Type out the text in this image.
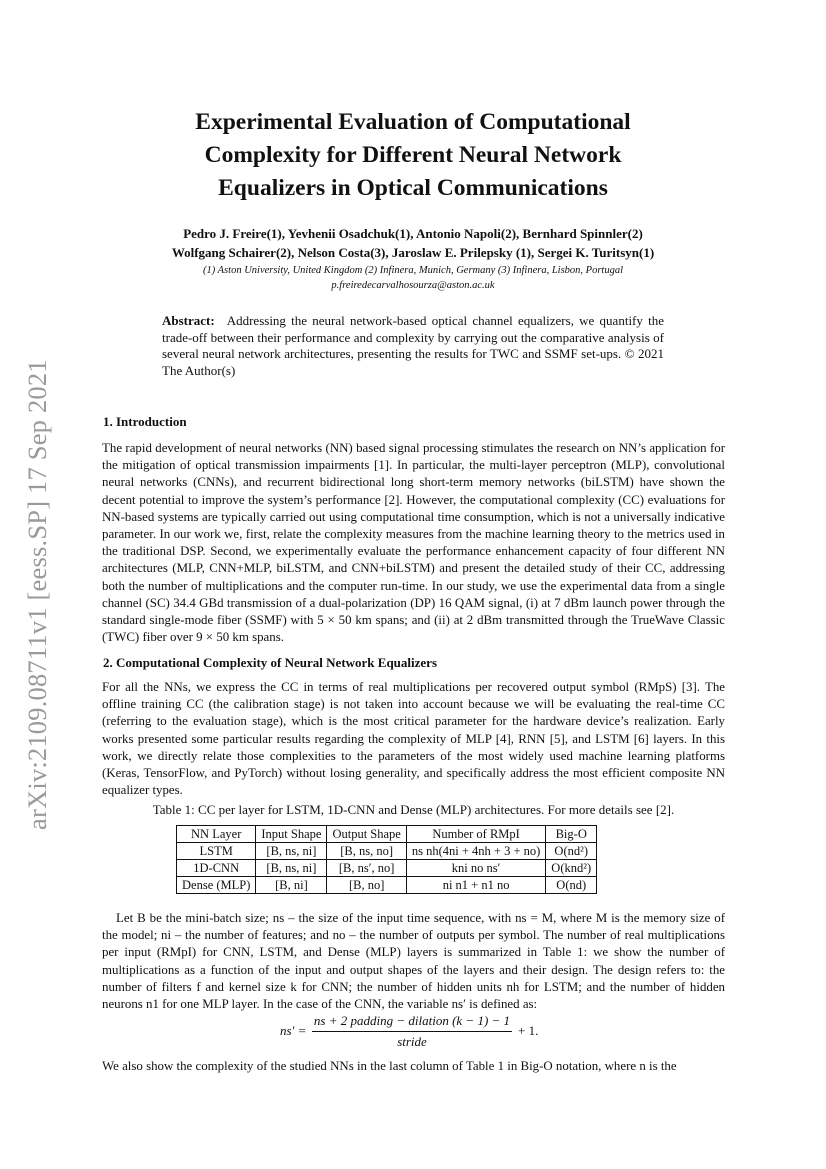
arXiv:2109.08711v1 [eess.SP] 17 Sep 2021
Experimental Evaluation of Computational
Complexity for Different Neural Network
Equalizers in Optical Communications
Pedro J. Freire(1), Yevhenii Osadchuk(1), Antonio Napoli(2), Bernhard Spinnler(2)
Wolfgang Schairer(2), Nelson Costa(3), Jaroslaw E. Prilepsky (1), Sergei K. Turitsyn(1)
(1) Aston University, United Kingdom (2) Infinera, Munich, Germany (3) Infinera, Lisbon, Portugal
p.freiredecarvalhosourza@aston.ac.uk
Abstract: Addressing the neural network-based optical channel equalizers, we quantify the trade-off between their performance and complexity by carrying out the comparative analysis of several neural network architectures, presenting the results for TWC and SSMF set-ups. © 2021 The Author(s)
1. Introduction

The rapid development of neural networks (NN) based signal processing stimulates the research on NN’s application for the mitigation of optical transmission impairments [1]. In particular, the multi-layer perceptron (MLP), convolutional neural networks (CNNs), and recurrent bidirectional long short-term memory networks (biLSTM) have shown the decent potential to improve the system’s performance [2]. However, the computational complexity (CC) evaluations for NN-based systems are typically carried out using computational time consumption, which is not a universally indicative parameter. In our work we, first, relate the complexity measures from the machine learning theory to the metrics used in the traditional DSP. Second, we experimentally evaluate the performance enhancement capacity of four different NN architectures (MLP, CNN+MLP, biLSTM, and CNN+biLSTM) and present the detailed study of their CC, addressing both the number of multiplications and the computer run-time. In our study, we use the experimental data from a single channel (SC) 34.4 GBd transmission of a dual-polarization (DP) 16 QAM signal, (i) at 7 dBm launch power through the standard single-mode fiber (SSMF) with 5 × 50 km spans; and (ii) at 2 dBm transmitted through the TrueWave Classic (TWC) fiber over 9 × 50 km spans.

2. Computational Complexity of Neural Network Equalizers

For all the NNs, we express the CC in terms of real multiplications per recovered output symbol (RMpS) [3]. The offline training CC (the calibration stage) is not taken into account because we will be evaluating the real-time CC (referring to the evaluation stage), which is the most critical parameter for the hardware device’s realization. Early works presented some particular results regarding the complexity of MLP [4], RNN [5], and LSTM [6] layers. In this work, we directly relate those complexities to the parameters of the most widely used machine learning platforms (Keras, TensorFlow, and PyTorch) without losing generality, and specifically address the most efficient composite NN equalizer types.

Table 1: CC per layer for LSTM, 1D-CNN and Dense (MLP) architectures. For more details see [2].
NN Layer	Input Shape	Output Shape	Number of RMpI	Big-O
LSTM	[B, ns, ni]	[B, ns, no]	ns nh(4ni + 4nh + 3 + no)	O(nd²)
1D-CNN	[B, ns, ni]	[B, ns′, no]	kni no ns′	O(knd²)
Dense (MLP)	[B, ni]	[B, no]	ni n1 + n1 no	O(nd)

Let B be the mini-batch size; ns – the size of the input time sequence, with ns = M, where M is the memory size of the model; ni – the number of features; and no – the number of outputs per symbol. The number of real multiplications per input (RMpI) for CNN, LSTM, and Dense (MLP) layers is summarized in Table 1: we show the number of multiplications as a function of the input and output shapes of the layers and their design. The design refers to: the number of filters f and kernel size k for CNN; the number of hidden units nh for LSTM; and the number of hidden neurons n1 for one MLP layer. In the case of the CNN, the variable ns′ is defined as:

ns′ =
ns + 2 padding − dilation (k − 1) − 1
stride
+ 1.

We also show the complexity of the studied NNs in the last column of Table 1 in Big-O notation, where n is the
